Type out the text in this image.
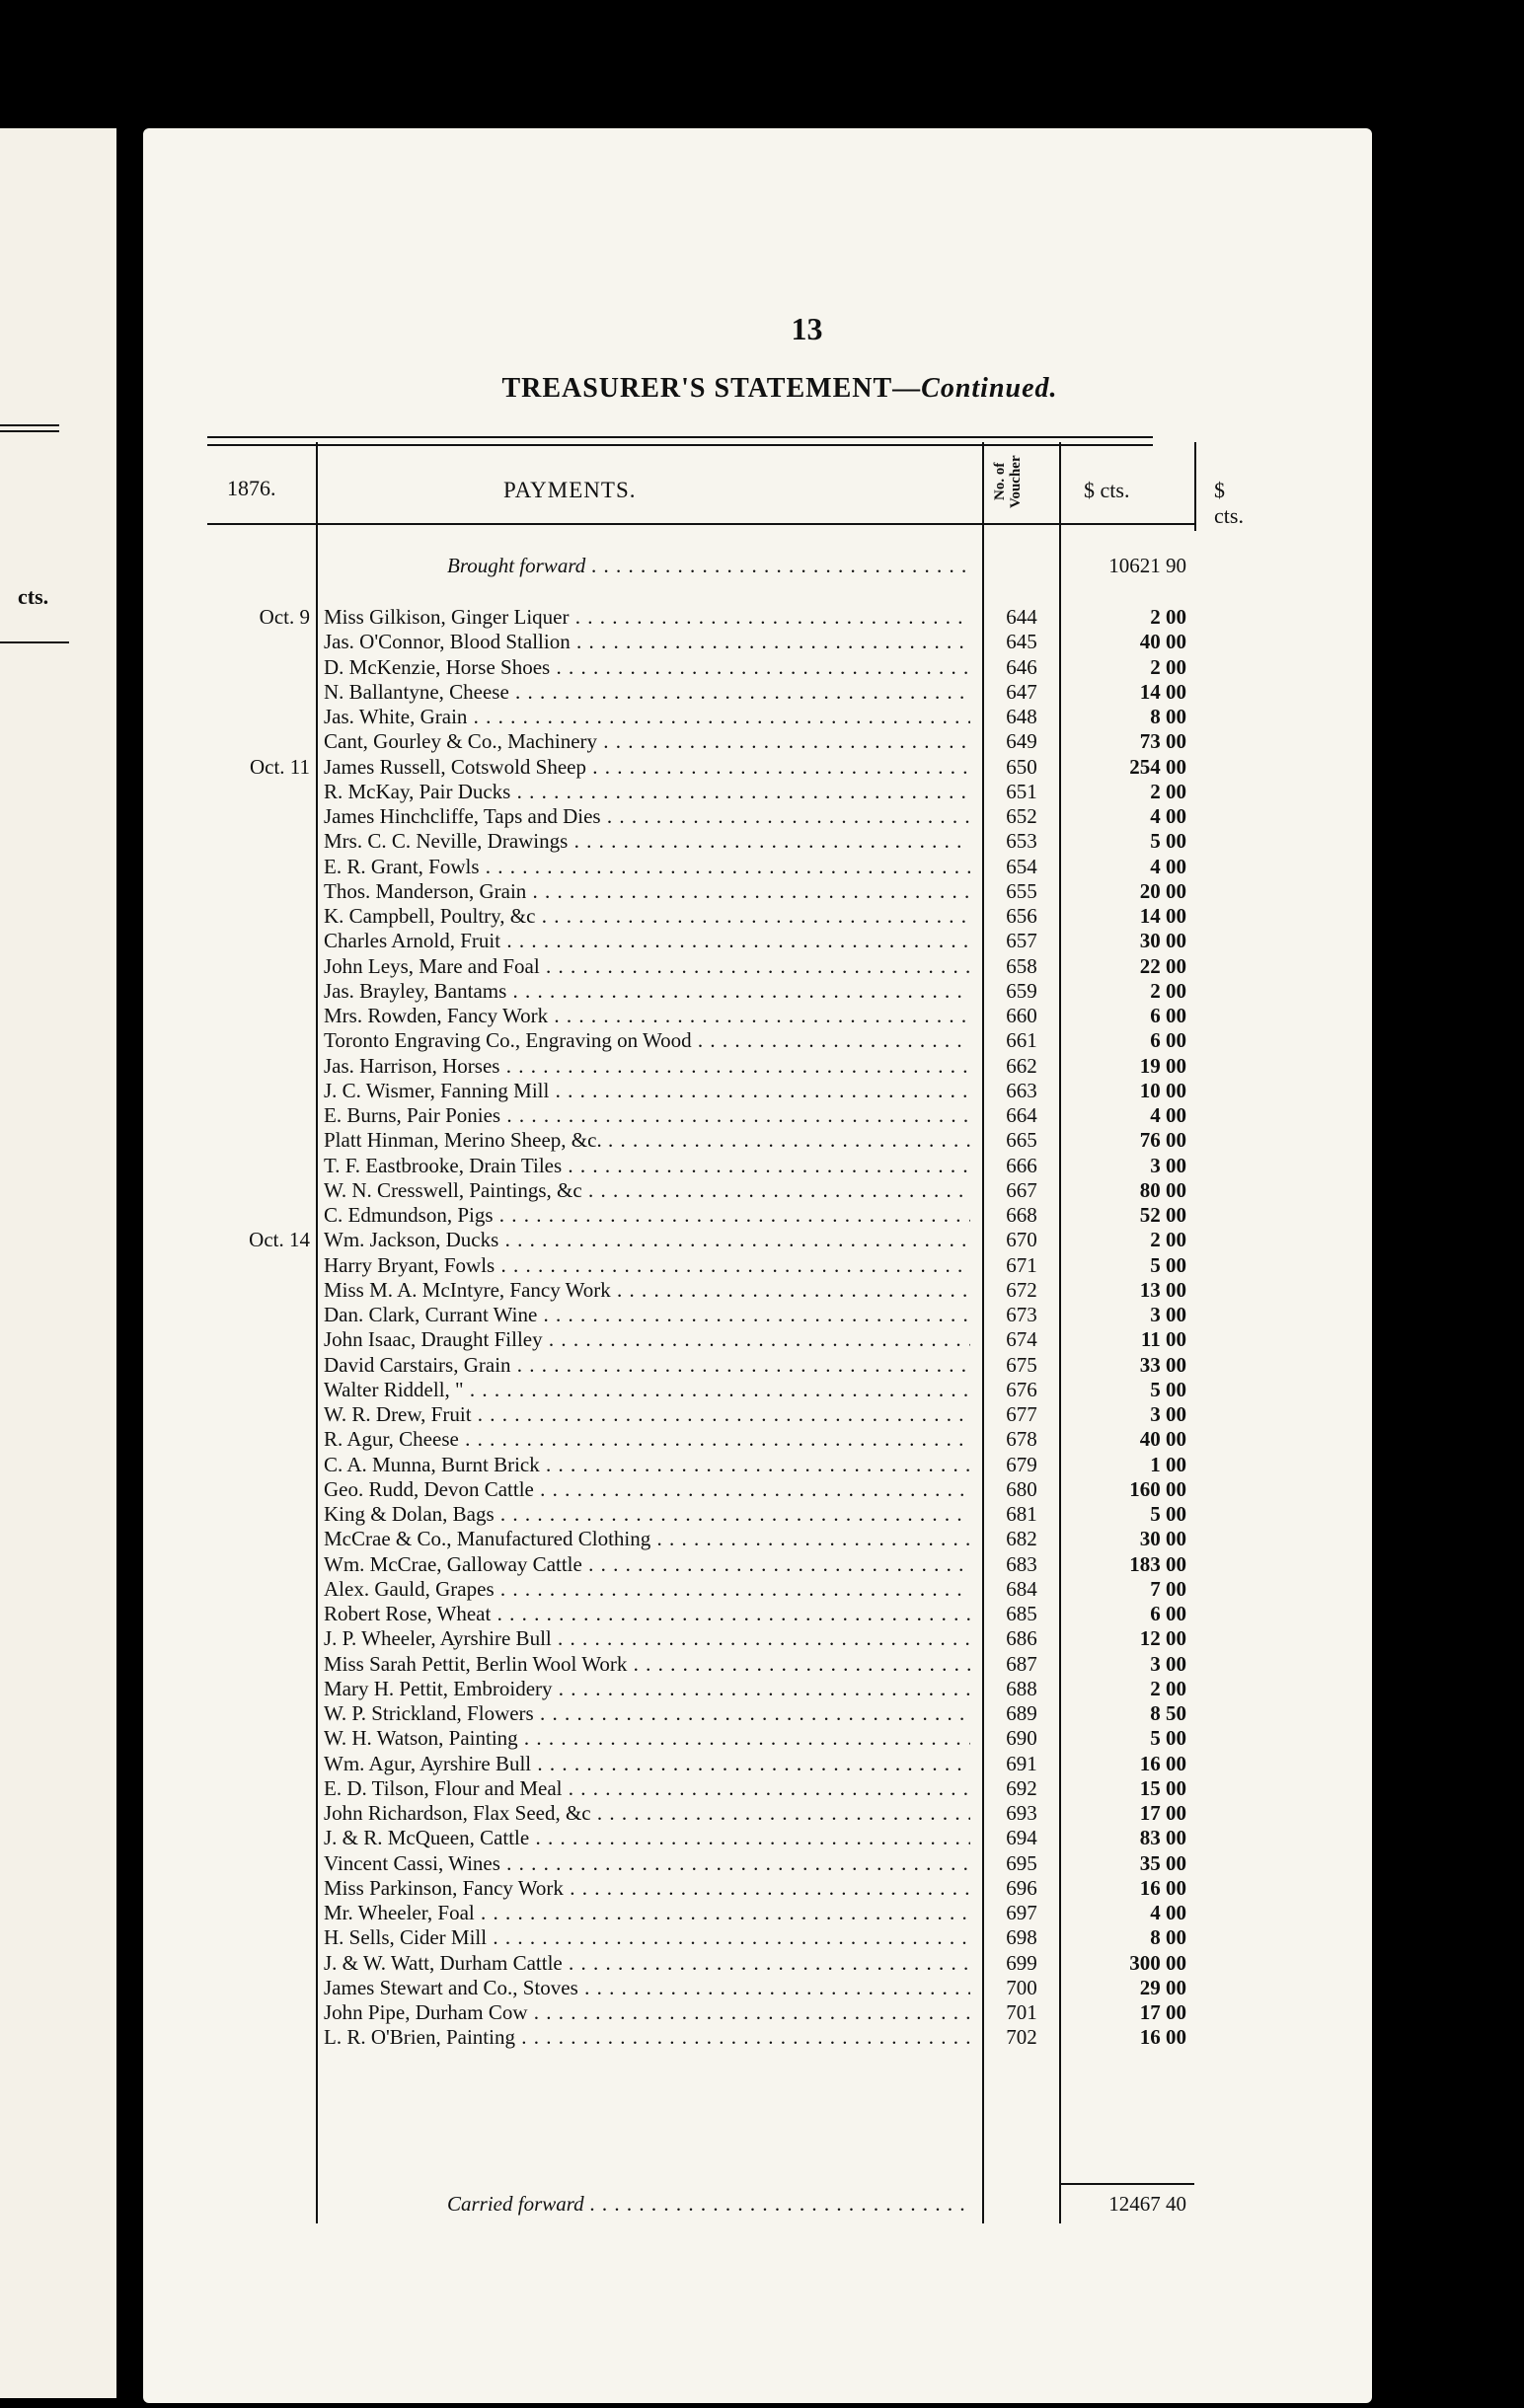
cts.
13
TREASURER'S STATEMENT—Continued.
1876.	PAYMENTS.	No. of Voucher	$ cts.	$ cts.
Brought forward . . .	10621 90
Oct. 9 Miss Gilkison, Ginger Liquer . . .	644	2 00
Jas. O'Connor, Blood Stallion . . .	645	40 00
D. McKenzie, Horse Shoes . . .	646	2 00
N. Ballantyne, Cheese . . .	647	14 00
Jas. White, Grain . . .	648	8 00
Cant, Gourley & Co., Machinery . . .	649	73 00
Oct. 11 James Russell, Cotswold Sheep . . .	650	254 00
R. McKay, Pair Ducks . . .	651	2 00
James Hinchcliffe, Taps and Dies . . .	652	4 00
Mrs. C. C. Neville, Drawings . . .	653	5 00
E. R. Grant, Fowls . . .	654	4 00
Thos. Manderson, Grain . . .	655	20 00
K. Campbell, Poultry, &c . . .	656	14 00
Charles Arnold, Fruit . . .	657	30 00
John Leys, Mare and Foal . . .	658	22 00
Jas. Brayley, Bantams . . .	659	2 00
Mrs. Rowden, Fancy Work . . .	660	6 00
Toronto Engraving Co., Engraving on Wood . . .	661	6 00
Jas. Harrison, Horses . . .	662	19 00
J. C. Wismer, Fanning Mill . . .	663	10 00
E. Burns, Pair Ponies . . .	664	4 00
Platt Hinman, Merino Sheep, &c. . . .	665	76 00
T. F. Eastbrooke, Drain Tiles . . .	666	3 00
W. N. Cresswell, Paintings, &c . . .	667	80 00
C. Edmundson, Pigs . . .	668	52 00
Oct. 14 Wm. Jackson, Ducks . . .	670	2 00
Harry Bryant, Fowls . . .	671	5 00
Miss M. A. McIntyre, Fancy Work . . .	672	13 00
Dan. Clark, Currant Wine . . .	673	3 00
John Isaac, Draught Filley . . .	674	11 00
David Carstairs, Grain . . .	675	33 00
Walter Riddell, " . . .	676	5 00
W. R. Drew, Fruit . . .	677	3 00
R. Agur, Cheese . . .	678	40 00
C. A. Munna, Burnt Brick . . .	679	1 00
Geo. Rudd, Devon Cattle . . .	680	160 00
King & Dolan, Bags . . .	681	5 00
McCrae & Co., Manufactured Clothing . . .	682	30 00
Wm. McCrae, Galloway Cattle . . .	683	183 00
Alex. Gauld, Grapes . . .	684	7 00
Robert Rose, Wheat . . .	685	6 00
J. P. Wheeler, Ayrshire Bull . . .	686	12 00
Miss Sarah Pettit, Berlin Wool Work . . .	687	3 00
Mary H. Pettit, Embroidery . . .	688	2 00
W. P. Strickland, Flowers . . .	689	8 50
W. H. Watson, Painting . . .	690	5 00
Wm. Agur, Ayrshire Bull . . .	691	16 00
E. D. Tilson, Flour and Meal . . .	692	15 00
John Richardson, Flax Seed, &c . . .	693	17 00
J. & R. McQueen, Cattle . . .	694	83 00
Vincent Cassi, Wines . . .	695	35 00
Miss Parkinson, Fancy Work . . .	696	16 00
Mr. Wheeler, Foal . . .	697	4 00
H. Sells, Cider Mill . . .	698	8 00
J. & W. Watt, Durham Cattle . . .	699	300 00
James Stewart and Co., Stoves . . .	700	29 00
John Pipe, Durham Cow . . .	701	17 00
L. R. O'Brien, Painting . . .	702	16 00
Carried forward . . .	12467 40
